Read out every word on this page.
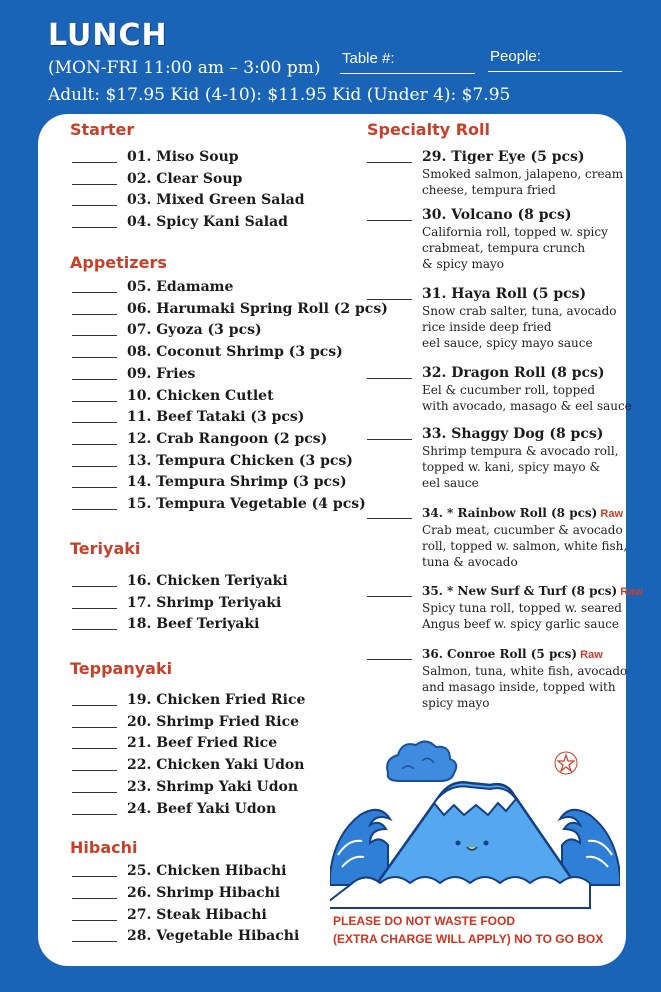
LUNCH
(MON-FRI 11:00 am – 3:00 pm)
Adult: $17.95 Kid (4-10): $11.95 Kid (Under 4): $7.95
Table #:	People:
Starter
01. Miso Soup
02. Clear Soup
03. Mixed Green Salad
04. Spicy Kani Salad
Appetizers
05. Edamame
06. Harumaki Spring Roll (2 pcs)
07. Gyoza (3 pcs)
08. Coconut Shrimp (3 pcs)
09. Fries
10. Chicken Cutlet
11. Beef Tataki (3 pcs)
12. Crab Rangoon (2 pcs)
13. Tempura Chicken (3 pcs)
14. Tempura Shrimp (3 pcs)
15. Tempura Vegetable (4 pcs)
Teriyaki
16. Chicken Teriyaki
17. Shrimp Teriyaki
18. Beef Teriyaki
Teppanyaki
19. Chicken Fried Rice
20. Shrimp Fried Rice
21. Beef Fried Rice
22. Chicken Yaki Udon
23. Shrimp Yaki Udon
24. Beef Yaki Udon
Hibachi
25. Chicken Hibachi
26. Shrimp Hibachi
27. Steak Hibachi
28. Vegetable Hibachi
Specialty Roll
29. Tiger Eye (5 pcs)
Smoked salmon, jalapeno, cream
cheese, tempura fried
30. Volcano (8 pcs)
California roll, topped w. spicy
crabmeat, tempura crunch
& spicy mayo
31. Haya Roll (5 pcs)
Snow crab salter, tuna, avocado
rice inside deep fried
eel sauce, spicy mayo sauce
32. Dragon Roll (8 pcs)
Eel & cucumber roll, topped
with avocado, masago & eel sauce
33. Shaggy Dog (8 pcs)
Shrimp tempura & avocado roll,
topped w. kani, spicy mayo &
eel sauce
34. * Rainbow Roll (8 pcs) Raw
Crab meat, cucumber & avocado
roll, topped w. salmon, white fish,
tuna & avocado
35. * New Surf & Turf (8 pcs) Raw
Spicy tuna roll, topped w. seared
Angus beef w. spicy garlic sauce
36. Conroe Roll (5 pcs) Raw
Salmon, tuna, white fish, avocado
and masago inside, topped with
spicy mayo
PLEASE DO NOT WASTE FOOD
(EXTRA CHARGE WILL APPLY) NO TO GO BOX
